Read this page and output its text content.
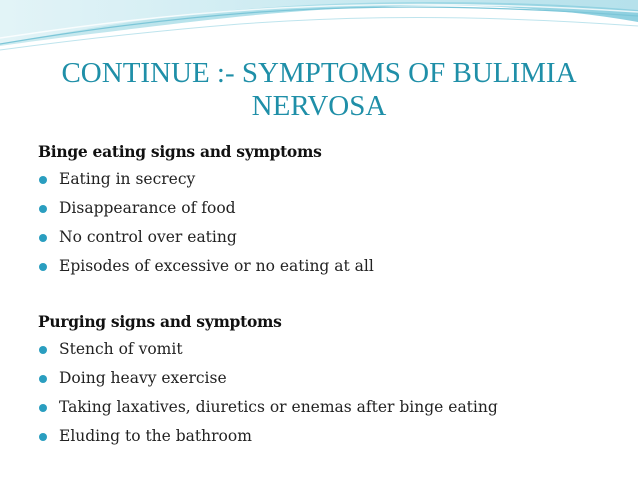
CONTINUE :- SYMPTOMS OF BULIMIA
NERVOSA
Binge eating signs and symptoms
Eating in secrecy
Disappearance of food
No control over eating
Episodes of excessive or no eating at all
Purging signs and symptoms
Stench of vomit
Doing heavy exercise
Taking laxatives, diuretics or enemas after binge eating
Eluding to the bathroom
